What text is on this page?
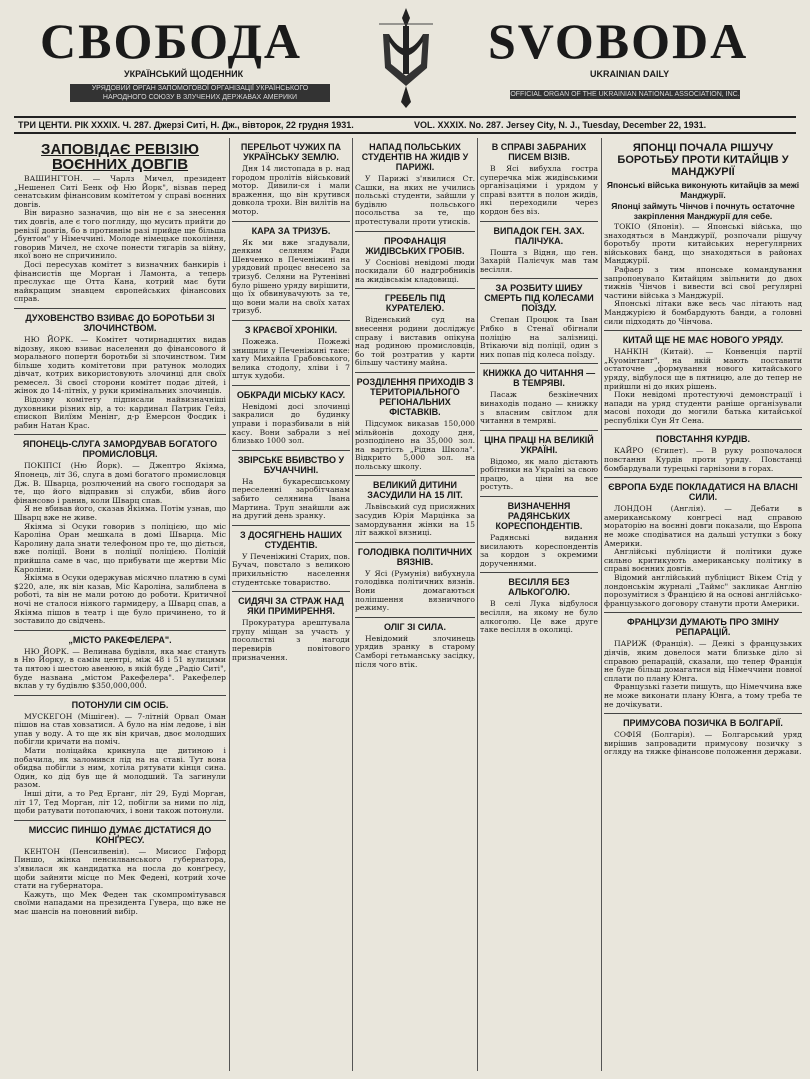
СВОБОДА	SVOBODA
УКРАЇНСЬКИЙ ЩОДЕННИК	UKRAINIAN DAILY
УРЯДОВИЙ ОРГАН ЗАПОМОГОВОЇ ОРГАНІЗАЦІЇ УКРАЇНСЬКОГО НАРОДНОГО СОЮЗУ В ЗЛУЧЕНИХ ДЕРЖАВАХ АМЕРИКИ	OFFICIAL ORGAN OF THE UKRAINIAN NATIONAL ASSOCIATION, INC.
ТРИ ЦЕНТИ. РІК XXXIX. Ч. 287. Джерзі Ситі, Н. Дж., вівторок, 22 грудня 1931.	VOL. XXXIX. No. 287. Jersey City, N. J., Tuesday, December 22, 1931.
ЗАПОВІДАЄ РЕВІЗІЮ ВОЄННИХ ДОВГІВ

ВАШИНГТОН. — Чарлз Мичел, президент „Нешенел Ситі Бенк оф Ню Йорк", візвав перед сенатським фінансовим комітетом у справі воєнних довгів.

Він виразно зазначив, що він не є за знесення тих довгів, але є того погляду, що мусить прийти до ревізії довгів, бо в противнім разі прийде ще більша „бунтом" у Німеччині. Молоде німецьке покоління, говорив Мичел, не схоче понести тягарів за війну, якої воно не спричинило.

Досі пересухав комітет з визначних банкирів і фінансистів ще Морган і Ламонта, а теперь преслухає ще Отта Кана, котрий має бути найкращим знавцем європейських фінансових справ.

ДУХОВЕНСТВО ВЗИВАЄ ДО БОРОТЬБИ ЗІ ЗЛОЧИНСТВОМ.

НЮ ЙОРК. — Комітет чотирнадцятих видав відозву, якою взиває населення до фінансового й морального попертя боротьби зі злочинством. Тим більше ходить комітетови при ратунок молодих дівчат, котрих використовують злочинці для своїх ремесел. Зі своєї сторони комітет подає дітей, і жінок до 14-літніх, у руки кримінальних злочинців.

Відозву комітету підписали найвизначніші духовники різних вір, а то: кардинал Патрик Гейз, єпископ Вилїям Менінг, д-р Емерсон Фосдик і рабин Натан Крас.

ЯПОНЕЦЬ-СЛУГА ЗАМОРДУВАВ БОГАТОГО ПРОМИСЛОВЦЯ.

ПОКІПСІ (Ню Йорк). — Джептро Якіяма, Японець, літ 36, слуга в домі богатого промисловця Дж. В. Шварца, розлючений на свого господаря за те, що його відправив зі служби, вбив його фінансово і ранив, коли Шварц спав.

Я не вбивав його, сказав Якіяма. Потім узнав, що Шварц вже не живе.

Якіяма зі Осуки говорив з поліцією, що міс Кароліна Оран мешкала в домі Шварца. Міс Каролину дала знати телефоном про те, що діється, вже поліції. Вони в поліції поліцією. Поліцій прийшла саме в час, що прибувати ще жертви Міс Кароліни.

Якіяма в Осуки одержував місячно платню в сумі $220, але, як він казав, Міс Кароліна, залиблена в роботі, та він не мали ротою до роботи. Критичної ночі не сталося ніякого гармидеру, а Шварц спав, а Якіяма пішов в театр і ще було причинено, то й зоставило до свідчень.

„МІСТО РАКЕФЕЛЕРА".

НЮ ЙОРК. — Велинава будівля, яка має стануть в Ню Йорку, в самім центрі, між 48 і 51 вулицями та пятою і шестою авенюю, в якій буде „Радіо Ситі", буде названа „містом Ракефелера". Ракефелер вклав у ту будівлю $350,000,000.

ПОТОНУЛИ СІМ ОСІБ.

МУСКЕГОН (Мішіген). — 7-літній Орвал Оман пішов на став ховзатися. А було на нім ледове, і він упав у воду. А то ще як він кричав, двоє молодших побігли кричати на поміч.

Мати поліцайка крикнула ще дитиною і побачила, як заломився лід на на ставі. Тут вона обидва побігли з ним, хотіла рятувати кінця сина. Один, ко дід був ще й молодший. Та загинули разом.

Інші діти, а то Ред Ерганг, літ 29, Буді Морган, літ 17, Тед Морган, літ 12, побігли за ними по лід, щоби ратувати потопаючих, і вони також потонули.

МИССИС ПИНШО ДУМАЄ ДІСТАТИСЯ ДО КОНҐРЕСУ.

КЕНТОН (Пенсилвенія). — Мисисс Гифорд Пиншо, жінка пенсилванського губернатора, з'явилася як кандидатка на посла до конґресу, щоби зайняти місце по Мек Федені, котрий хоче стати на губернатора.

Кажуть, що Мек Феден так скомпромітувався своїми нападами на президента Гувера, що вже не має шансів на поновний вибір.

ПЕРЕЛЬОТ ЧУЖИХ ПА УКРАЇНСЬКУ ЗЕМЛЮ.

Дня 14 листопада в р. над городом пролітів військовий мотор. Дивили-ся і мали враження, що він крутився довкола трохи. Він вилітів на мотор.

КАРА ЗА ТРИЗУБ.

Як ми вже згадували, деяким селяням Ради Шевченко в Печеніжині на урядовий процес внесено за тризуб. Селяни на Рутенівні було рішено уряду вирішити, що їх обвинувачують за те, що вони мали на своїх хатах тризуб.

З КРАЄВОЇ ХРОНІКИ.

Пожежа. Пожежі знищили у Печеніжині таке: хату Михайла Грабовського, велика стодолу, хліви і 7 штук худоби.

ОБКРАДИ МІСЬКУ КАСУ.

Невідомі досі злочинці закралися до будинку управи і поразбивали в ній касу. Вони забрали з неї близько 1000 зол.

ЗВІРСЬКЕ ВБИВСТВО У БУЧАЧЧИНІ.

На букаресшському переселенні заробітчанам забито селянина Івана Мартина. Труп знайшли аж на другий день зранку.

З ДОСЯГНЕНЬ НАШИХ СТУДЕНТІВ.

У Печеніжині Старих, пов. Бучач, повстало з великою прихильністю населення студентське товариство.

СИДЯЧІ ЗА СТРАЖ НАД ЯКИ ПРИМИРЕННЯ.

Прокуратура арештувала групу міщан за участь у посольстві з нагоди перевирів повітового призначення.

НАПАД ПОЛЬСЬКИХ СТУДЕНТІВ НА ЖИДІВ У ПАРИЖІ.

У Парижі з'явилися Ст. Сашки, на яких не учились польські студенти, зайшли у будівлю польського посольства за те, що протестували проти утисків.

ПРОФАНАЦІЯ ЖИДІВСЬКИХ ГРОБІВ.

У Сосніові невідомі люди поскидали 60 надгробників на жидівськім кладовищі.

ГРЕБЕЛЬ ПІД КУРАТЕЛЕЮ.

Віденський суд на внесення родини досліджує справу і виставив опікуна над родиною промисловців, бо той розтратив у карти більшу частину майна.

РОЗДІЛЕННЯ ПРИХОДІВ З ТЕРИТОРІАЛЬНОГО РЕГІОНАЛЬНИХ ФІСТАВКІВ.

Підсумок виказав 150,000 мільйонів доходу дня, розподілено на 35,000 зол. на вартість „Рідна Школа". Відкрито 5,000 зол. на польську школу.

ВЕЛИКИЙ ДИТИНИ ЗАСУДИЛИ НА 15 ЛІТ.

Львівський суд присяжних засудив Юрія Марцінка за замордування жінки на 15 літ важкої вязниці.

ГОЛОДІВКА ПОЛІТИЧНИХ ВЯЗНІВ.

У Ясі (Румунія) вибухнула голодівка політичних вязнів. Вони домагаються поліпшення вязничного режиму.

ОЛІГ ЗІ СИЛА.

Невідомий злочинець урядив зранку в старому Самборі гетьманську засідку, після чого втік.

В СПРАВІ ЗАБРАНИХ ПИСЕМ ВІЗІВ.

В Ясі вибухла гостра суперечка між жидівськими організаціями і урядом у справі взяття в полон жидів, які переходили через кордон без віз.

ВИПАДОК ГЕН. ЗАХ. ПАЛІЧУКА.

Пошта з Відня, що ген. Захарій Палієчук мав там весілля.

ЗА РОЗБИТУ ШИБУ СМЕРТЬ ПІД КОЛЕСАМИ ПОЇЗДУ.

Степан Процюк та Іван Рябко в Стенаї обігнали поліцію на залізниці. Втікаючи від поліції, один з них попав під колеса поїзду.

КНИЖКА ДО ЧИТАННЯ — В ТЕМРЯВІ.

Пасаж безкінечних винаходів подано — книжку з власним світлом для читання в темряві.

ЦІНА ПРАЦІ НА ВЕЛИКІЙ УКРАЇНІ.

Відомо, як мало дістають робітники на Україні за свою працю, а ціни на все ростуть.

ВИЗНАЧЕННЯ РАДЯНСЬКИХ КОРЕСПОНДЕНТІВ.

Радянські видання висилають кореспондентів за кордон з окремими дорученнями.

ВЕСІЛЛЯ БЕЗ АЛЬКОГОЛЮ.

В селі Лука відбулося весілля, на якому не було алкоголю. Це вже друге таке весілля в околиці.

ЯПОНЦІ ПОЧАЛА РІШУЧУ БОРОТЬБУ ПРОТИ КИТАЙЦІВ У МАНДЖУРІЇ
Японські війська виконують китайців за межі Манджурії.
Японці займуть Чінчов і почнуть остаточне закріплення Манджурії для себе.

ТОКІО (Японія). — Японські війська, що знаходяться в Манджурії, розпочали рішучу боротьбу проти китайських нерегулярних військових банд, що знаходяться в районах Манджурії.

Рафаєр з тим японське командування запропонувало Китайцям звільнити до двох тижнів Чінчов і вивести всі свої регулярні частини війська з Манджурії.

Японські літаки вже весь час літають над Манджурією й бомбардують банди, а головні сили підходять до Чінчова.

КИТАЙ ЩЕ НЕ МАЄ НОВОГО УРЯДУ.

НАНКІН (Китай). — Конвенція партії „Куомінтанг", на якій мають поставити остаточне „формування нового китайського уряду, відбулося ще в пятницю, але до тепер не прийшли ні до яких рішень.

Поки невідомі протестуючі демонстрації і напади на уряд студенти раніше організували масові походи до могили батька китайської республіки Сун Ят Сена.

ПОВСТАННЯ КУРДІВ.

КАЙРО (Єгипет). — В руку розпочалося повстання Курдів проти уряду. Повстанці бомбардували турецькі гарнізони в горах.

ЄВРОПА БУДЕ ПОКЛАДАТИСЯ НА ВЛАСНІ СИЛИ.

ЛОНДОН (Англія). — Дебати в американському конгресі над справою мораторію на воєнні довги показали, що Европа не може сподіватися на дальші уступки з боку Америки.

Англійські публіцисти й політики дуже сильно критикують американську політику в справі воєнних довгів.

Відомий англійський публіцист Вікем Стід у лондонськім журналі „Таймс" закликає Англію порозумітися з Францією й на основі англійсько-французького договору станути проти Америки.

ФРАНЦУЗИ ДУМАЮТЬ ПРО ЗМІНУ РЕПАРАЦІЙ.

ПАРИЖ (Франція). — Деякі з французьких діячів, яким довелося мати близьке діло зі справою репарацій, сказали, що тепер Франція не буде більш домагатися від Німеччини повної сплати по плану Юнга.

Французькі газети пишуть, що Німеччина вже не може виконати плану Юнга, а тому треба те не дочікувати.

ПРИМУСОВА ПОЗИЧКА В БОЛГАРІЇ.

СОФІЯ (Болгарія). — Болгарський уряд вирішив запровадити примусову позичку з огляду на тяжке фінансове положення держави.
